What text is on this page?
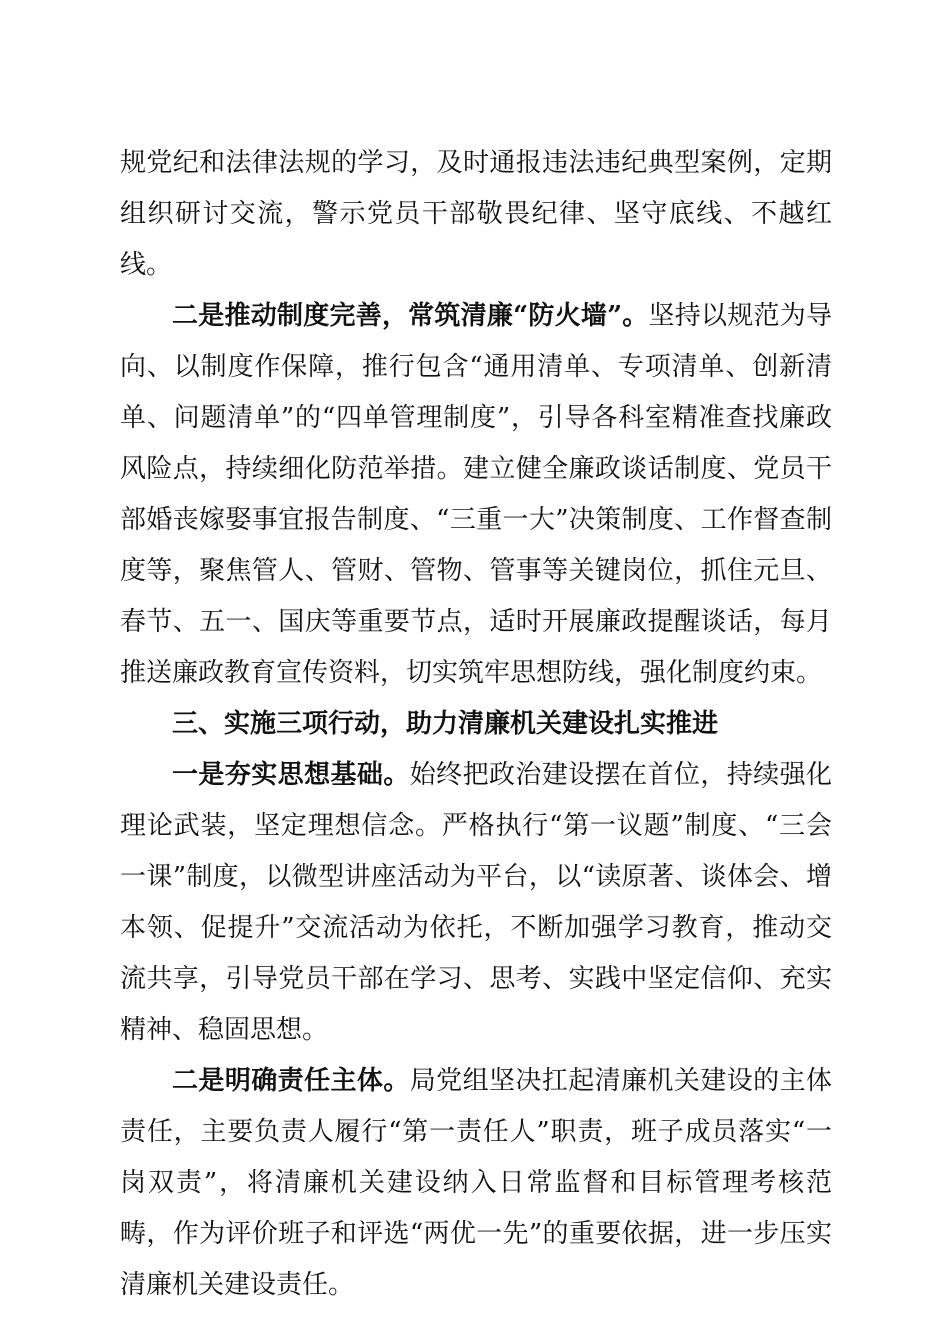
规党纪和法律法规的学习，及时通报违法违纪典型案例，定期组织研讨交流，警示党员干部敬畏纪律、坚守底线、不越红线。

二是推动制度完善，常筑清廉“防火墙”。坚持以规范为导向、以制度作保障，推行包含“通用清单、专项清单、创新清单、问题清单”的“四单管理制度”，引导各科室精准查找廉政风险点，持续细化防范举措。建立健全廉政谈话制度、党员干部婚丧嫁娶事宜报告制度、“三重一大”决策制度、工作督查制度等，聚焦管人、管财、管物、管事等关键岗位，抓住元旦、春节、五一、国庆等重要节点，适时开展廉政提醒谈话，每月推送廉政教育宣传资料，切实筑牢思想防线，强化制度约束。

三、实施三项行动，助力清廉机关建设扎实推进

一是夯实思想基础。始终把政治建设摆在首位，持续强化理论武装，坚定理想信念。严格执行“第一议题”制度、“三会一课”制度，以微型讲座活动为平台，以“读原著、谈体会、增本领、促提升”交流活动为依托，不断加强学习教育，推动交流共享，引导党员干部在学习、思考、实践中坚定信仰、充实精神、稳固思想。

二是明确责任主体。局党组坚决扛起清廉机关建设的主体责任，主要负责人履行“第一责任人”职责，班子成员落实“一岗双责”，将清廉机关建设纳入日常监督和目标管理考核范畴，作为评价班子和评选“两优一先”的重要依据，进一步压实清廉机关建设责任。
